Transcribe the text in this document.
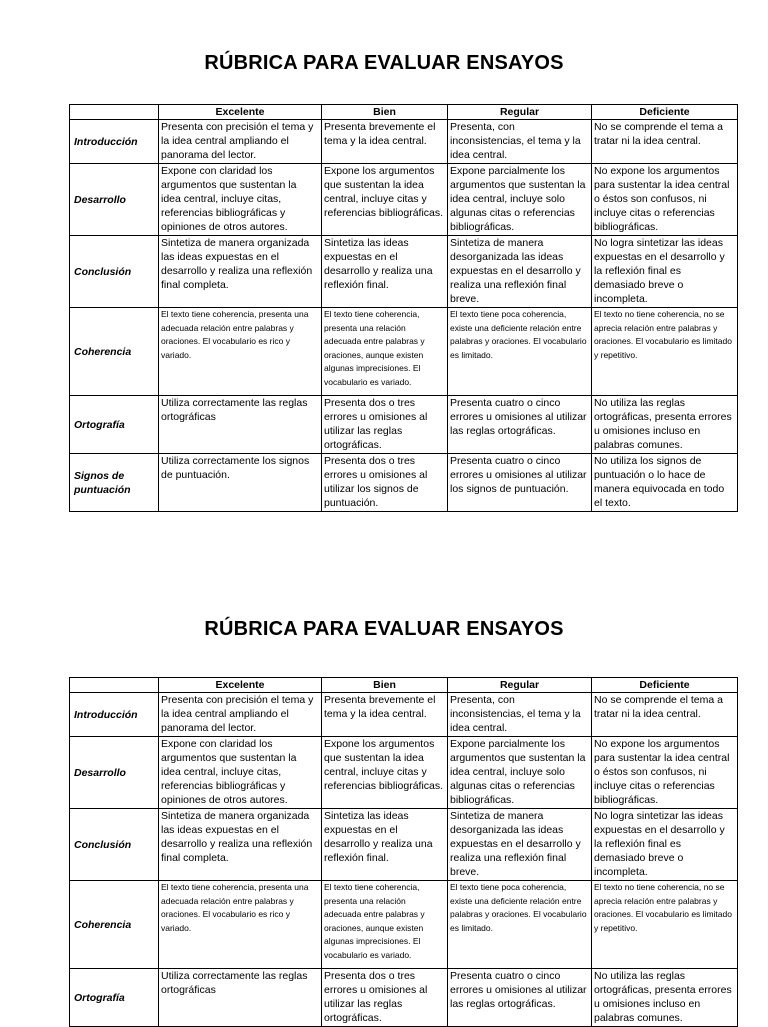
RÚBRICA PARA EVALUAR ENSAYOS
	Excelente	Bien	Regular	Deficiente
Introducción	Presenta con precisión el tema y la idea central ampliando el panorama del lector.	Presenta brevemente el tema y la idea central.	Presenta, con inconsistencias, el tema y la idea central.	No se comprende el tema a tratar ni la idea central.
Desarrollo	Expone con claridad los argumentos que sustentan la idea central, incluye citas, referencias bibliográficas y opiniones de otros autores.	Expone los argumentos que sustentan la idea central, incluye citas y referencias bibliográficas.	Expone parcialmente los argumentos que sustentan la idea central, incluye solo algunas citas o referencias bibliográficas.	No expone los argumentos para sustentar la idea central o éstos son confusos, ni incluye citas o referencias bibliográficas.
Conclusión	Sintetiza de manera organizada las ideas expuestas en el desarrollo y realiza una reflexión final completa.	Sintetiza las ideas expuestas en el desarrollo y realiza una reflexión final.	Sintetiza de manera desorganizada las ideas expuestas en el desarrollo y realiza una reflexión final breve.	No logra sintetizar las ideas expuestas en el desarrollo y la reflexión final es demasiado breve o incompleta.
Coherencia	El texto tiene coherencia, presenta una adecuada relación entre palabras y oraciones. El vocabulario es rico y variado.	El texto tiene coherencia, presenta una relación adecuada entre palabras y oraciones, aunque existen algunas imprecisiones. El vocabulario es variado.	El texto tiene poca coherencia, existe una deficiente relación entre palabras y oraciones. El vocabulario es limitado.	El texto no tiene coherencia, no se aprecia relación entre palabras y oraciones. El vocabulario es limitado y repetitivo.
Ortografía	Utiliza correctamente las reglas ortográficas	Presenta dos o tres errores u omisiones al utilizar las reglas ortográficas.	Presenta cuatro o cinco errores u omisiones al utilizar las reglas ortográficas.	No utiliza las reglas ortográficas, presenta errores u omisiones incluso en palabras comunes.
Signos de puntuación	Utiliza correctamente los signos de puntuación.	Presenta dos o tres errores u omisiones al utilizar los signos de puntuación.	Presenta cuatro o cinco errores u omisiones al utilizar los signos de puntuación.	No utiliza los signos de puntuación o lo hace de manera equivocada en todo el texto.
RÚBRICA PARA EVALUAR ENSAYOS
	Excelente	Bien	Regular	Deficiente
Introducción	Presenta con precisión el tema y la idea central ampliando el panorama del lector.	Presenta brevemente el tema y la idea central.	Presenta, con inconsistencias, el tema y la idea central.	No se comprende el tema a tratar ni la idea central.
Desarrollo	Expone con claridad los argumentos que sustentan la idea central, incluye citas, referencias bibliográficas y opiniones de otros autores.	Expone los argumentos que sustentan la idea central, incluye citas y referencias bibliográficas.	Expone parcialmente los argumentos que sustentan la idea central, incluye solo algunas citas o referencias bibliográficas.	No expone los argumentos para sustentar la idea central o éstos son confusos, ni incluye citas o referencias bibliográficas.
Conclusión	Sintetiza de manera organizada las ideas expuestas en el desarrollo y realiza una reflexión final completa.	Sintetiza las ideas expuestas en el desarrollo y realiza una reflexión final.	Sintetiza de manera desorganizada las ideas expuestas en el desarrollo y realiza una reflexión final breve.	No logra sintetizar las ideas expuestas en el desarrollo y la reflexión final es demasiado breve o incompleta.
Coherencia	El texto tiene coherencia, presenta una adecuada relación entre palabras y oraciones. El vocabulario es rico y variado.	El texto tiene coherencia, presenta una relación adecuada entre palabras y oraciones, aunque existen algunas imprecisiones. El vocabulario es variado.	El texto tiene poca coherencia, existe una deficiente relación entre palabras y oraciones. El vocabulario es limitado.	El texto no tiene coherencia, no se aprecia relación entre palabras y oraciones. El vocabulario es limitado y repetitivo.
Ortografía	Utiliza correctamente las reglas ortográficas	Presenta dos o tres errores u omisiones al utilizar las reglas ortográficas.	Presenta cuatro o cinco errores u omisiones al utilizar las reglas ortográficas.	No utiliza las reglas ortográficas, presenta errores u omisiones incluso en palabras comunes.
